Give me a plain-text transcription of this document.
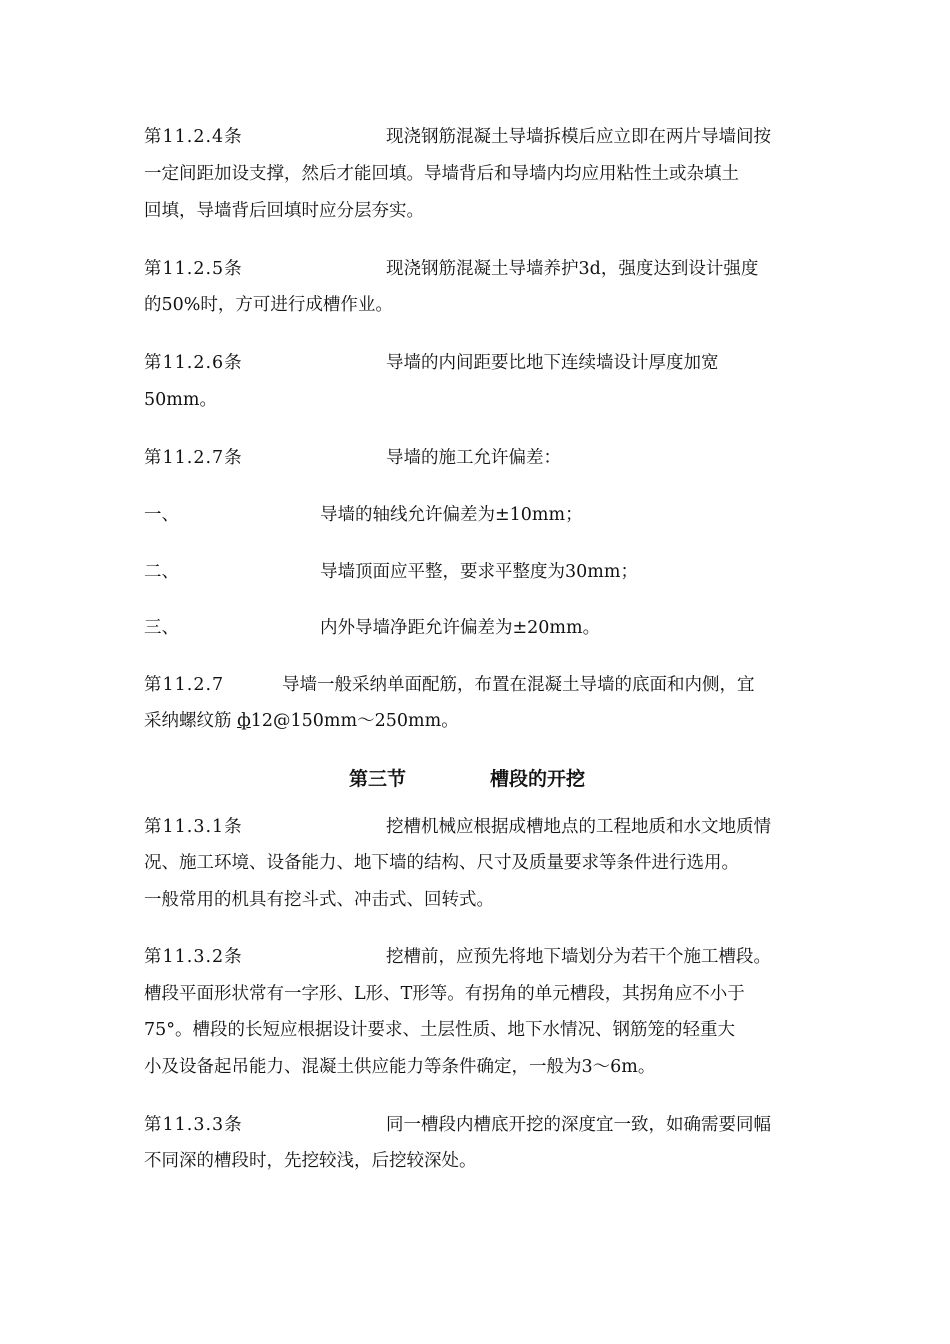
第11.2.4条	现浇钢筋混凝土导墙拆模后应立即在两片导墙间按
一定间距加设支撑，然后才能回填。导墙背后和导墙内均应用粘性土或杂填土
回填，导墙背后回填时应分层夯实。
第11.2.5条	现浇钢筋混凝土导墙养护3d，强度达到设计强度
的50%时，方可进行成槽作业。
第11.2.6条	导墙的内间距要比地下连续墙设计厚度加宽
50mm。
第11.2.7条	导墙的施工允许偏差：
一、	导墙的轴线允许偏差为±10mm；
二、	导墙顶面应平整，要求平整度为30mm；
三、	内外导墙净距允许偏差为±20mm。
第11.2.7	导墙一般采纳单面配筋，布置在混凝土导墙的底面和内侧，宜
采纳螺纹筋 ф12@150mm～250mm。
第三节	槽段的开挖
第11.3.1条	挖槽机械应根据成槽地点的工程地质和水文地质情
况、施工环境、设备能力、地下墙的结构、尺寸及质量要求等条件进行选用。
一般常用的机具有挖斗式、冲击式、回转式。
第11.3.2条	挖槽前，应预先将地下墙划分为若干个施工槽段。
槽段平面形状常有一字形、L形、T形等。有拐角的单元槽段，其拐角应不小于
75°。槽段的长短应根据设计要求、土层性质、地下水情况、钢筋笼的轻重大
小及设备起吊能力、混凝土供应能力等条件确定，一般为3～6m。
第11.3.3条	同一槽段内槽底开挖的深度宜一致，如确需要同幅
不同深的槽段时，先挖较浅，后挖较深处。
